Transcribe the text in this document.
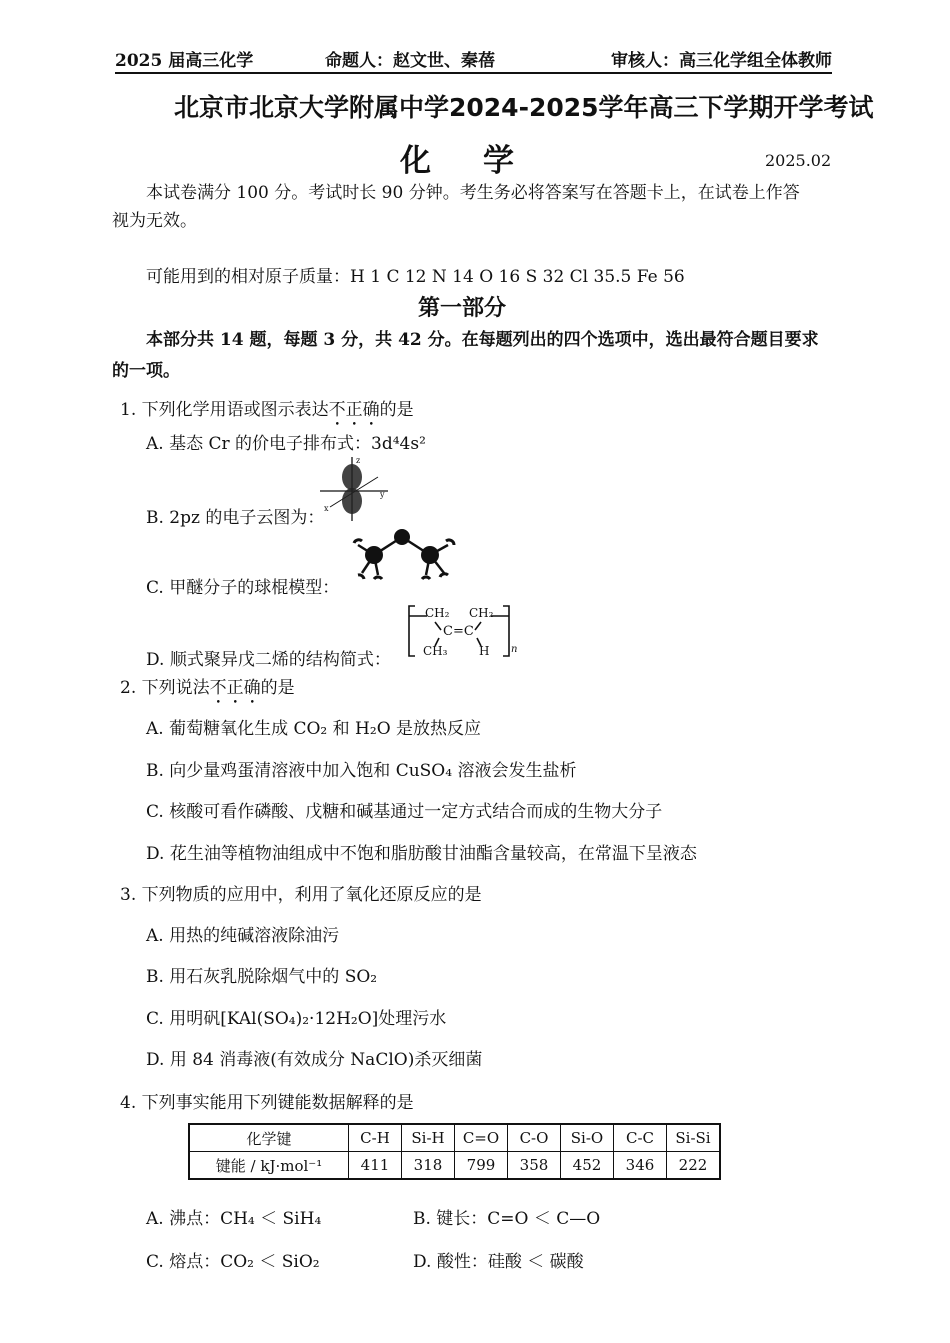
2025 届高三化学	命题人：赵文世、秦蓓	审核人：高三化学组全体教师
北京市北京大学附属中学2024-2025学年高三下学期开学考试
化学	2025.02
本试卷满分 100 分。考试时长 90 分钟。考生务必将答案写在答题卡上，在试卷上作答
视为无效。
可能用到的相对原子质量：H 1 C 12 N 14 O 16 S 32 Cl 35.5 Fe 56
第一部分
本部分共 14 题，每题 3 分，共 42 分。在每题列出的四个选项中，选出最符合题目要求
的一项。
1. 下列化学用语或图示表达不正确的是
A. 基态 Cr 的价电子排布式：3d⁴4s²
z
y
x
B. 2pz 的电子云图为：
C. 甲醚分子的球棍模型：
CH₂ CH₂
C=C
CH₃	H n
D. 顺式聚异戊二烯的结构简式：
2. 下列说法不正确的是
A. 葡萄糖氧化生成 CO₂ 和 H₂O 是放热反应
B. 向少量鸡蛋清溶液中加入饱和 CuSO₄ 溶液会发生盐析
C. 核酸可看作磷酸、戊糖和碱基通过一定方式结合而成的生物大分子
D. 花生油等植物油组成中不饱和脂肪酸甘油酯含量较高，在常温下呈液态
3. 下列物质的应用中，利用了氧化还原反应的是
A. 用热的纯碱溶液除油污
B. 用石灰乳脱除烟气中的 SO₂
C. 用明矾[KAl(SO₄)₂·12H₂O]处理污水
D. 用 84 消毒液(有效成分 NaClO)杀灭细菌
4. 下列事实能用下列键能数据解释的是
化学键	C-H	Si-H	C=O	C-O	Si-O	C-C	Si-Si
键能 / kJ·mol⁻¹	411	318	799	358	452	346	222
A. 沸点：CH₄ ＜ SiH₄	B. 键长：C=O ＜ C—O
C. 熔点：CO₂ ＜ SiO₂	D. 酸性：硅酸 ＜ 碳酸
